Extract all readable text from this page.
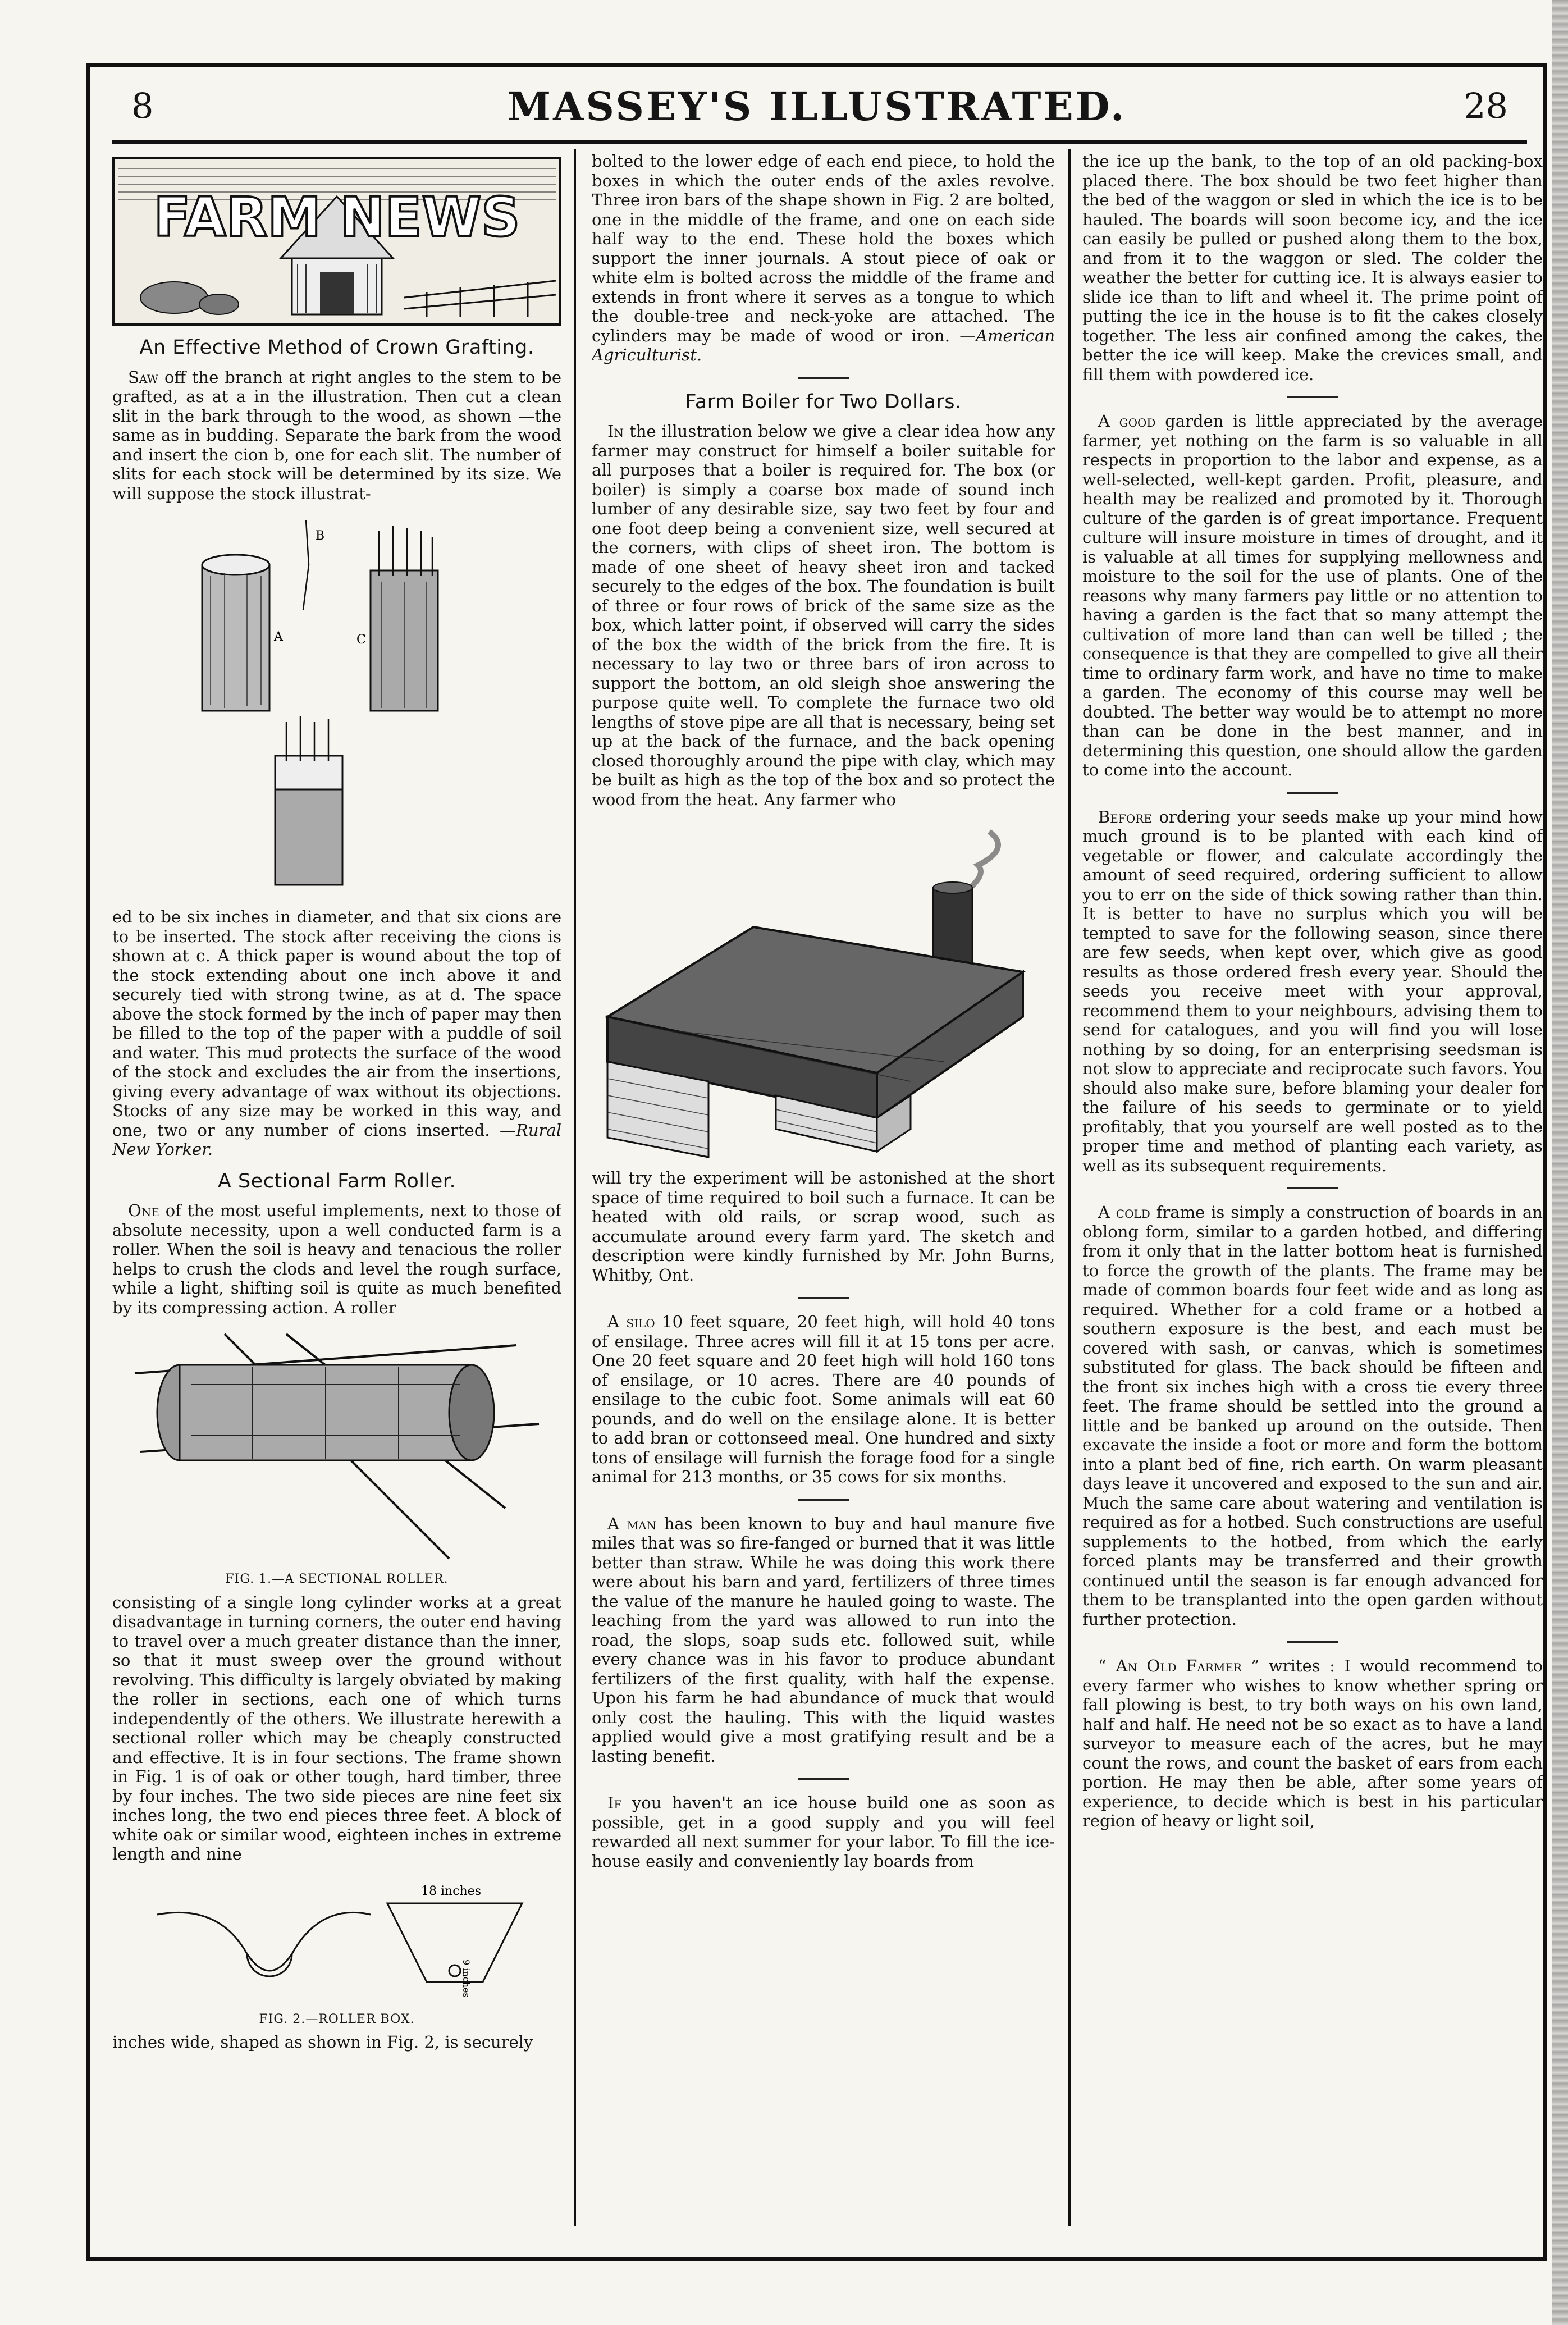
8	MASSEY'S ILLUSTRATED.	28
FARM NEWS
An Effective Method of Crown Grafting.

Saw off the branch at right angles to the stem to be grafted, as at a in the illustration. Then cut a clean slit in the bark through to the wood, as shown —the same as in budding. Separate the bark from the wood and insert the cion b, one for each slit. The number of slits for each stock will be determined by its size. We will suppose the stock illustrat-

A
B
C

ed to be six inches in diameter, and that six cions are to be inserted. The stock after receiving the cions is shown at c. A thick paper is wound about the top of the stock extending about one inch above it and securely tied with strong twine, as at d. The space above the stock formed by the inch of paper may then be filled to the top of the paper with a puddle of soil and water. This mud protects the surface of the wood of the stock and excludes the air from the insertions, giving every advantage of wax without its objections. Stocks of any size may be worked in this way, and one, two or any number of cions inserted. —Rural New Yorker.

A Sectional Farm Roller.

One of the most useful implements, next to those of absolute necessity, upon a well conducted farm is a roller. When the soil is heavy and tenacious the roller helps to crush the clods and level the rough surface, while a light, shifting soil is quite as much benefited by its compressing action. A roller

FIG. 1.—A SECTIONAL ROLLER.

consisting of a single long cylinder works at a great disadvantage in turning corners, the outer end having to travel over a much greater distance than the inner, so that it must sweep over the ground without revolving. This difficulty is largely obviated by making the roller in sections, each one of which turns independently of the others. We illustrate herewith a sectional roller which may be cheaply constructed and effective. It is in four sections. The frame shown in Fig. 1 is of oak or other tough, hard timber, three by four inches. The two side pieces are nine feet six inches long, the two end pieces three feet. A block of white oak or similar wood, eighteen inches in extreme length and nine

18 inches
9 inches
FIG. 2.—ROLLER BOX.

inches wide, shaped as shown in Fig. 2, is securely

bolted to the lower edge of each end piece, to hold the boxes in which the outer ends of the axles revolve. Three iron bars of the shape shown in Fig. 2 are bolted, one in the middle of the frame, and one on each side half way to the end. These hold the boxes which support the inner journals. A stout piece of oak or white elm is bolted across the middle of the frame and extends in front where it serves as a tongue to which the double-tree and neck-yoke are attached. The cylinders may be made of wood or iron. —American Agriculturist.

Farm Boiler for Two Dollars.

In the illustration below we give a clear idea how any farmer may construct for himself a boiler suitable for all purposes that a boiler is required for. The box (or boiler) is simply a coarse box made of sound inch lumber of any desirable size, say two feet by four and one foot deep being a convenient size, well secured at the corners, with clips of sheet iron. The bottom is made of one sheet of heavy sheet iron and tacked securely to the edges of the box. The foundation is built of three or four rows of brick of the same size as the box, which latter point, if observed will carry the sides of the box the width of the brick from the fire. It is necessary to lay two or three bars of iron across to support the bottom, an old sleigh shoe answering the purpose quite well. To complete the furnace two old lengths of stove pipe are all that is necessary, being set up at the back of the furnace, and the back opening closed thoroughly around the pipe with clay, which may be built as high as the top of the box and so protect the wood from the heat. Any farmer who

will try the experiment will be astonished at the short space of time required to boil such a furnace. It can be heated with old rails, or scrap wood, such as accumulate around every farm yard. The sketch and description were kindly furnished by Mr. John Burns, Whitby, Ont.

A silo 10 feet square, 20 feet high, will hold 40 tons of ensilage. Three acres will fill it at 15 tons per acre. One 20 feet square and 20 feet high will hold 160 tons of ensilage, or 10 acres. There are 40 pounds of ensilage to the cubic foot. Some animals will eat 60 pounds, and do well on the ensilage alone. It is better to add bran or cottonseed meal. One hundred and sixty tons of ensilage will furnish the forage food for a single animal for 213 months, or 35 cows for six months.

A man has been known to buy and haul manure five miles that was so fire-fanged or burned that it was little better than straw. While he was doing this work there were about his barn and yard, fertilizers of three times the value of the manure he hauled going to waste. The leaching from the yard was allowed to run into the road, the slops, soap suds etc. followed suit, while every chance was in his favor to produce abundant fertilizers of the first quality, with half the expense. Upon his farm he had abundance of muck that would only cost the hauling. This with the liquid wastes applied would give a most gratifying result and be a lasting benefit.

If you haven't an ice house build one as soon as possible, get in a good supply and you will feel rewarded all next summer for your labor. To fill the ice-house easily and conveniently lay boards from

the ice up the bank, to the top of an old packing-box placed there. The box should be two feet higher than the bed of the waggon or sled in which the ice is to be hauled. The boards will soon become icy, and the ice can easily be pulled or pushed along them to the box, and from it to the waggon or sled. The colder the weather the better for cutting ice. It is always easier to slide ice than to lift and wheel it. The prime point of putting the ice in the house is to fit the cakes closely together. The less air confined among the cakes, the better the ice will keep. Make the crevices small, and fill them with powdered ice.

A good garden is little appreciated by the average farmer, yet nothing on the farm is so valuable in all respects in proportion to the labor and expense, as a well-selected, well-kept garden. Profit, pleasure, and health may be realized and promoted by it. Thorough culture of the garden is of great importance. Frequent culture will insure moisture in times of drought, and it is valuable at all times for supplying mellowness and moisture to the soil for the use of plants. One of the reasons why many farmers pay little or no attention to having a garden is the fact that so many attempt the cultivation of more land than can well be tilled ; the consequence is that they are compelled to give all their time to ordinary farm work, and have no time to make a garden. The economy of this course may well be doubted. The better way would be to attempt no more than can be done in the best manner, and in determining this question, one should allow the garden to come into the account.

Before ordering your seeds make up your mind how much ground is to be planted with each kind of vegetable or flower, and calculate accordingly the amount of seed required, ordering sufficient to allow you to err on the side of thick sowing rather than thin. It is better to have no surplus which you will be tempted to save for the following season, since there are few seeds, when kept over, which give as good results as those ordered fresh every year. Should the seeds you receive meet with your approval, recommend them to your neighbours, advising them to send for catalogues, and you will find you will lose nothing by so doing, for an enterprising seedsman is not slow to appreciate and reciprocate such favors. You should also make sure, before blaming your dealer for the failure of his seeds to germinate or to yield profitably, that you yourself are well posted as to the proper time and method of planting each variety, as well as its subsequent requirements.

A cold frame is simply a construction of boards in an oblong form, similar to a garden hotbed, and differing from it only that in the latter bottom heat is furnished to force the growth of the plants. The frame may be made of common boards four feet wide and as long as required. Whether for a cold frame or a hotbed a southern exposure is the best, and each must be covered with sash, or canvas, which is sometimes substituted for glass. The back should be fifteen and the front six inches high with a cross tie every three feet. The frame should be settled into the ground a little and be banked up around on the outside. Then excavate the inside a foot or more and form the bottom into a plant bed of fine, rich earth. On warm pleasant days leave it uncovered and exposed to the sun and air. Much the same care about watering and ventilation is required as for a hotbed. Such constructions are useful supplements to the hotbed, from which the early forced plants may be transferred and their growth continued until the season is far enough advanced for them to be transplanted into the open garden without further protection.

“ An Old Farmer ” writes : I would recommend to every farmer who wishes to know whether spring or fall plowing is best, to try both ways on his own land, half and half. He need not be so exact as to have a land surveyor to measure each of the acres, but he may count the rows, and count the basket of ears from each portion. He may then be able, after some years of experience, to decide which is best in his particular region of heavy or light soil,
